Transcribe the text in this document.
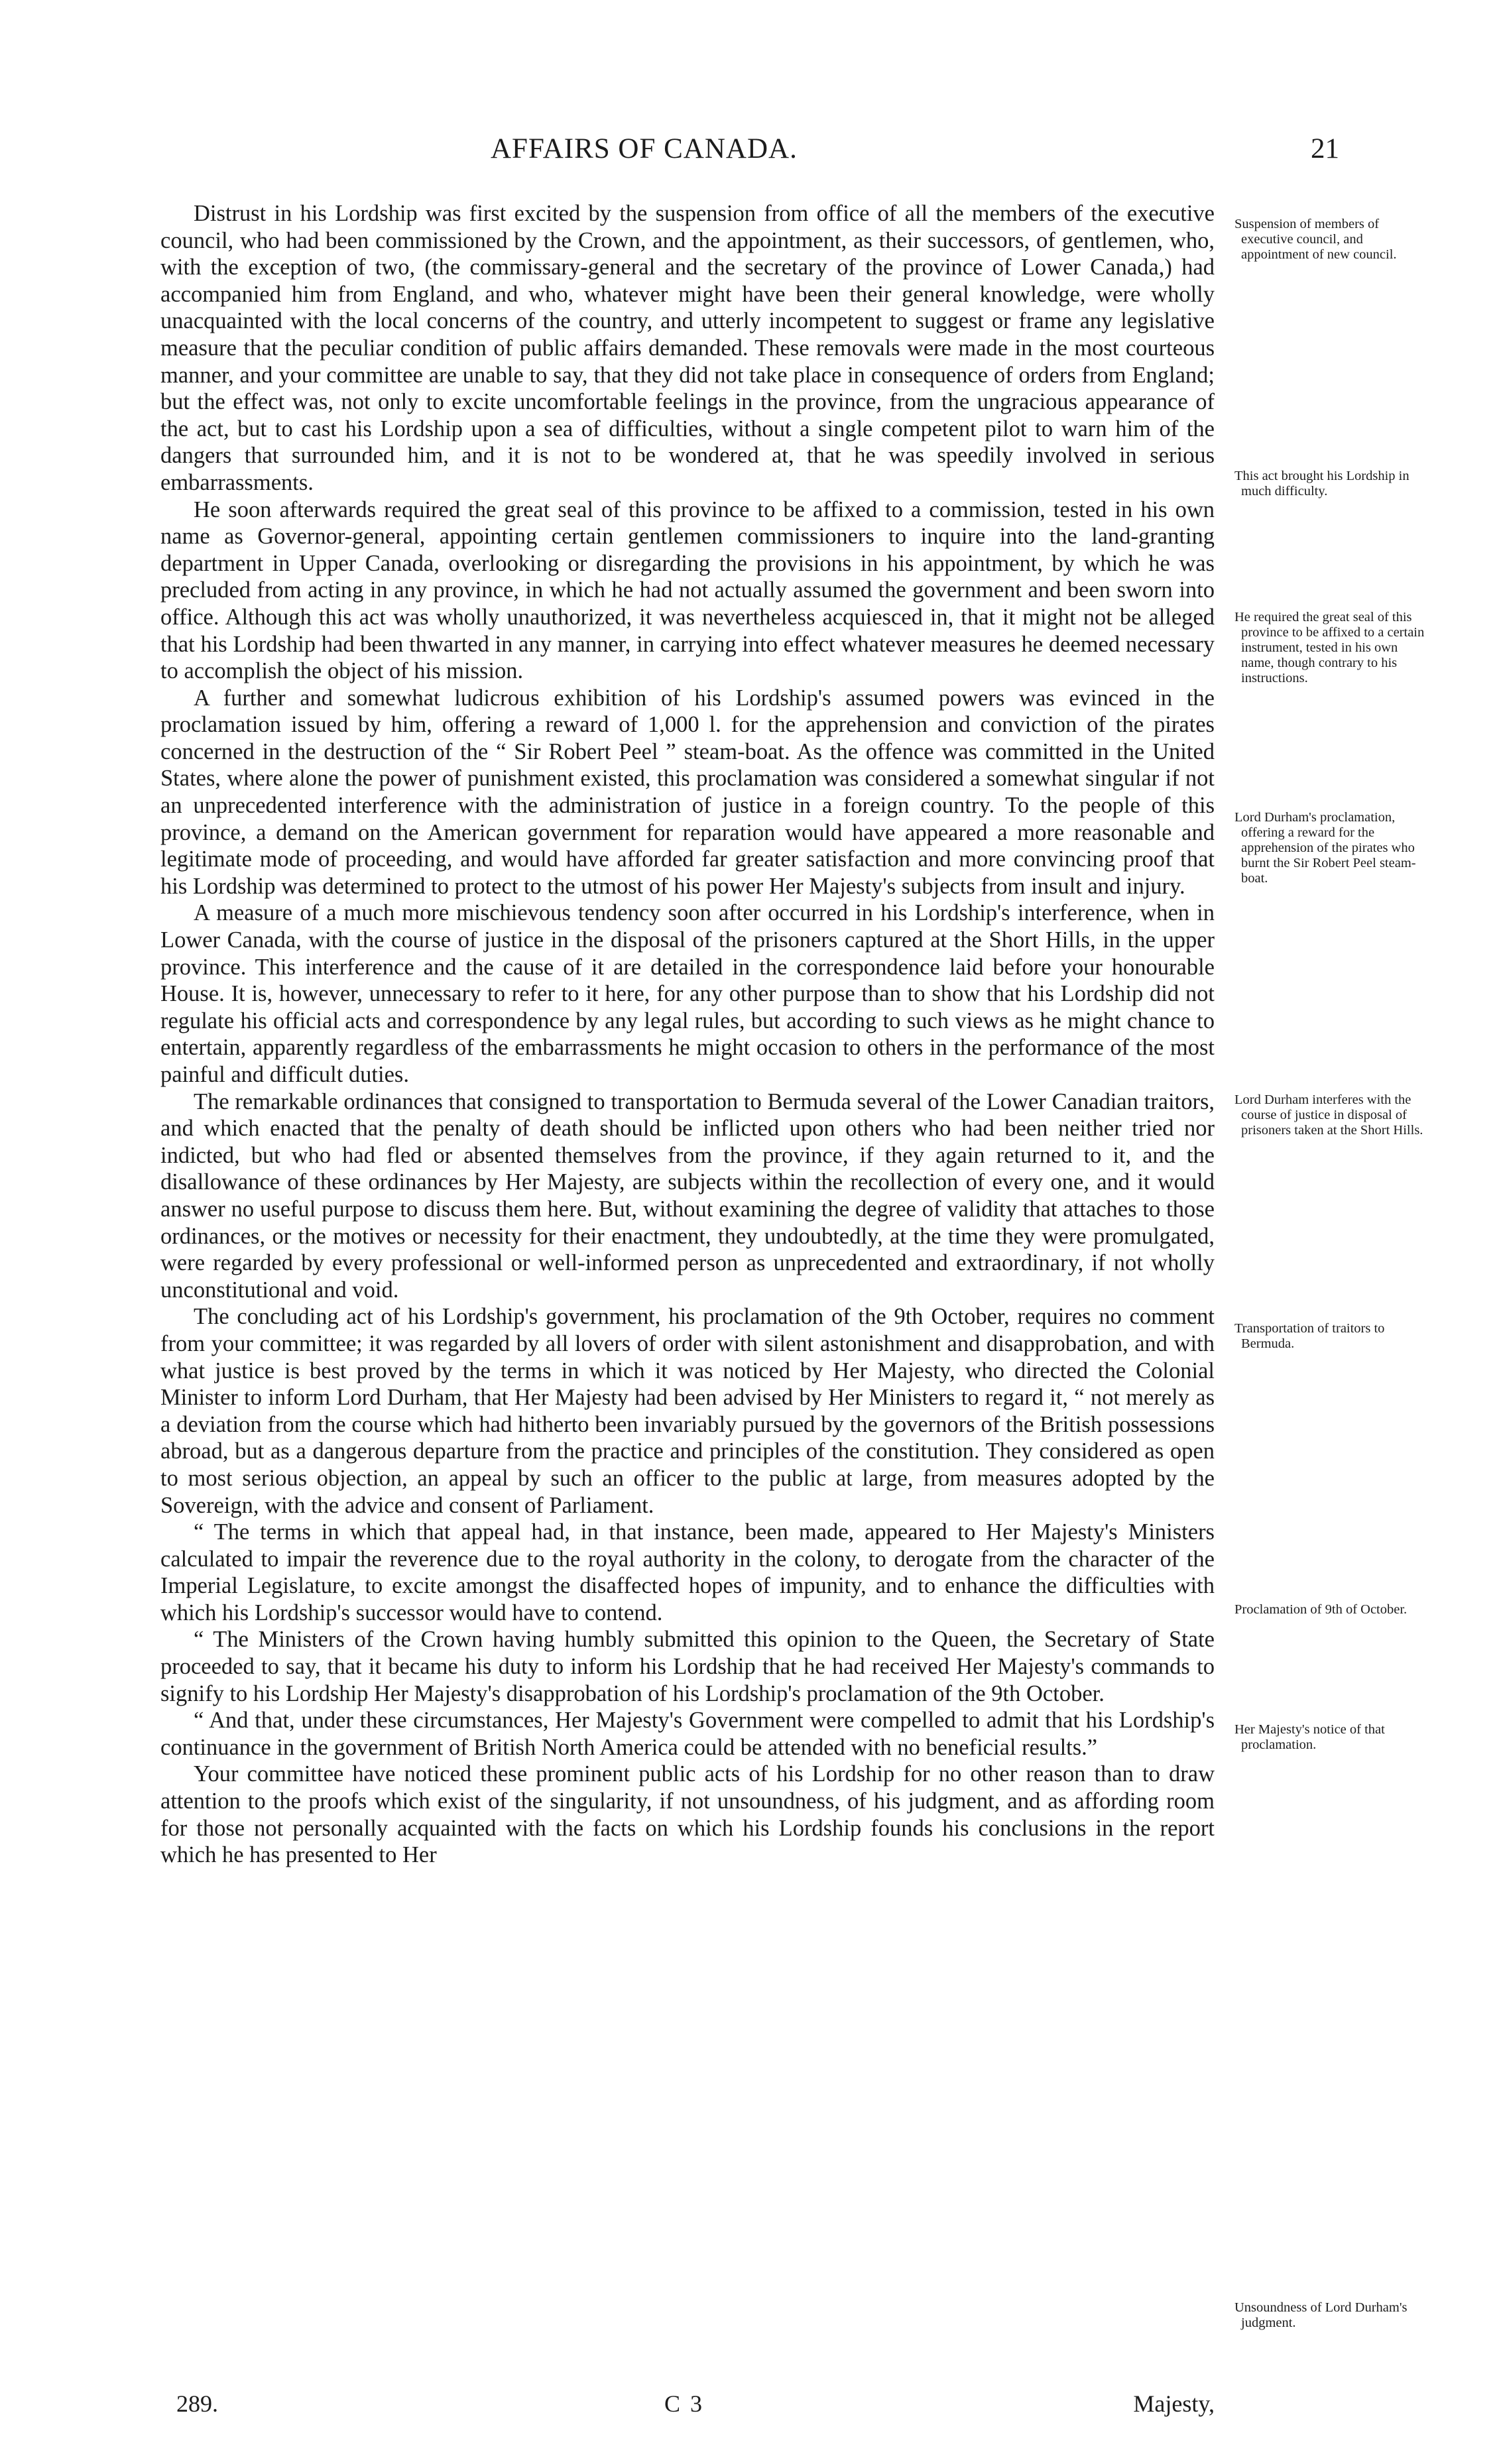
AFFAIRS OF CANADA.	21

Distrust in his Lordship was first excited by the suspension from office of all the members of the executive council, who had been commissioned by the Crown, and the appointment, as their successors, of gentlemen, who, with the exception of two, (the commissary-general and the secretary of the province of Lower Canada,) had accompanied him from England, and who, whatever might have been their general knowledge, were wholly unacquainted with the local concerns of the country, and utterly incompetent to suggest or frame any legislative measure that the peculiar condition of public affairs demanded. These removals were made in the most courteous manner, and your committee are unable to say, that they did not take place in consequence of orders from England; but the effect was, not only to excite uncomfortable feelings in the province, from the ungracious appearance of the act, but to cast his Lordship upon a sea of difficulties, without a single competent pilot to warn him of the dangers that surrounded him, and it is not to be wondered at, that he was speedily involved in serious embarrassments.

He soon afterwards required the great seal of this province to be affixed to a commission, tested in his own name as Governor-general, appointing certain gentlemen commissioners to inquire into the land-granting department in Upper Canada, overlooking or disregarding the provisions in his appointment, by which he was precluded from acting in any province, in which he had not actually assumed the government and been sworn into office. Although this act was wholly unauthorized, it was nevertheless acquiesced in, that it might not be alleged that his Lordship had been thwarted in any manner, in carrying into effect whatever measures he deemed necessary to accomplish the object of his mission.

A further and somewhat ludicrous exhibition of his Lordship's assumed powers was evinced in the proclamation issued by him, offering a reward of 1,000 l. for the apprehension and conviction of the pirates concerned in the destruction of the “ Sir Robert Peel ” steam-boat. As the offence was committed in the United States, where alone the power of punishment existed, this proclamation was considered a somewhat singular if not an unprecedented interference with the administration of justice in a foreign country. To the people of this province, a demand on the American government for reparation would have appeared a more reasonable and legitimate mode of proceeding, and would have afforded far greater satisfaction and more convincing proof that his Lordship was determined to protect to the utmost of his power Her Majesty's subjects from insult and injury.

A measure of a much more mischievous tendency soon after occurred in his Lordship's interference, when in Lower Canada, with the course of justice in the disposal of the prisoners captured at the Short Hills, in the upper province. This interference and the cause of it are detailed in the correspondence laid before your honourable House. It is, however, unnecessary to refer to it here, for any other purpose than to show that his Lordship did not regulate his official acts and correspondence by any legal rules, but according to such views as he might chance to entertain, apparently regardless of the embarrassments he might occasion to others in the performance of the most painful and difficult duties.

The remarkable ordinances that consigned to transportation to Bermuda several of the Lower Canadian traitors, and which enacted that the penalty of death should be inflicted upon others who had been neither tried nor indicted, but who had fled or absented themselves from the province, if they again returned to it, and the disallowance of these ordinances by Her Majesty, are subjects within the recollection of every one, and it would answer no useful purpose to discuss them here. But, without examining the degree of validity that attaches to those ordinances, or the motives or necessity for their enactment, they undoubtedly, at the time they were promulgated, were regarded by every professional or well-informed person as unprecedented and extraordinary, if not wholly unconstitutional and void.

The concluding act of his Lordship's government, his proclamation of the 9th October, requires no comment from your committee; it was regarded by all lovers of order with silent astonishment and disapprobation, and with what justice is best proved by the terms in which it was noticed by Her Majesty, who directed the Colonial Minister to inform Lord Durham, that Her Majesty had been advised by Her Ministers to regard it, “ not merely as a deviation from the course which had hitherto been invariably pursued by the governors of the British possessions abroad, but as a dangerous departure from the practice and principles of the constitution. They considered as open to most serious objection, an appeal by such an officer to the public at large, from measures adopted by the Sovereign, with the advice and consent of Parliament.

“ The terms in which that appeal had, in that instance, been made, appeared to Her Majesty's Ministers calculated to impair the reverence due to the royal authority in the colony, to derogate from the character of the Imperial Legislature, to excite amongst the disaffected hopes of impunity, and to enhance the difficulties with which his Lordship's successor would have to contend.

“ The Ministers of the Crown having humbly submitted this opinion to the Queen, the Secretary of State proceeded to say, that it became his duty to inform his Lordship that he had received Her Majesty's commands to signify to his Lordship Her Majesty's disapprobation of his Lordship's proclamation of the 9th October.

“ And that, under these circumstances, Her Majesty's Government were compelled to admit that his Lordship's continuance in the government of British North America could be attended with no beneficial results.”

Your committee have noticed these prominent public acts of his Lordship for no other reason than to draw attention to the proofs which exist of the singularity, if not unsoundness, of his judgment, and as affording room for those not personally acquainted with the facts on which his Lordship founds his conclusions in the report which he has presented to Her

Suspension of members of executive council, and appointment of new council.
This act brought his Lordship in much difficulty.
He required the great seal of this province to be affixed to a certain instrument, tested in his own name, though contrary to his instructions.
Lord Durham's proclamation, offering a reward for the apprehension of the pirates who burnt the Sir Robert Peel steam-boat.
Lord Durham interferes with the course of justice in disposal of prisoners taken at the Short Hills.
Transportation of traitors to Bermuda.
Proclamation of 9th of October.
Her Majesty's notice of that proclamation.
Unsoundness of Lord Durham's judgment.
289.	C 3	Majesty,
